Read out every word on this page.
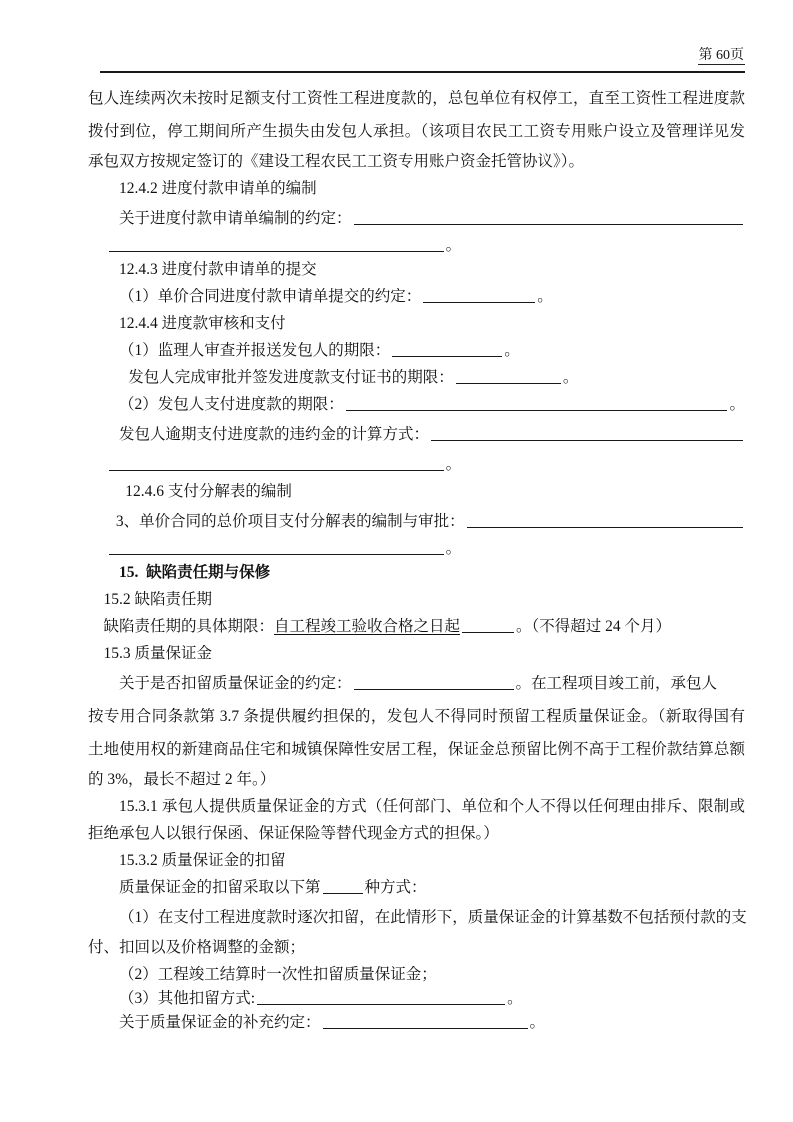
第 60页
包人连续两次未按时足额支付工资性工程进度款的，总包单位有权停工，直至工资性工程进度款
拨付到位，停工期间所产生损失由发包人承担。（该项目农民工工资专用账户设立及管理详见发
承包双方按规定签订的《建设工程农民工工资专用账户资金托管协议》）。
12.4.2 进度付款申请单的编制
关于进度付款申请单编制的约定：
。
12.4.3 进度付款申请单的提交
（1）单价合同进度付款申请单提交的约定：	。
12.4.4 进度款审核和支付
（1）监理人审查并报送发包人的期限：	。
发包人完成审批并签发进度款支付证书的期限：	。
（2）发包人支付进度款的期限：	。
发包人逾期支付进度款的违约金的计算方式：
。
12.4.6 支付分解表的编制
3、单价合同的总价项目支付分解表的编制与审批：
。
15. 缺陷责任期与保修
15.2 缺陷责任期
缺陷责任期的具体期限：自工程竣工验收合格之日起	。（不得超过 24 个月）
15.3 质量保证金
关于是否扣留质量保证金的约定：	。在工程项目竣工前，承包人
按专用合同条款第 3.7 条提供履约担保的，发包人不得同时预留工程质量保证金。（新取得国有
土地使用权的新建商品住宅和城镇保障性安居工程，保证金总预留比例不高于工程价款结算总额
的 3%，最长不超过 2 年。）
15.3.1 承包人提供质量保证金的方式（任何部门、单位和个人不得以任何理由排斥、限制或
拒绝承包人以银行保函、保证保险等替代现金方式的担保。）
15.3.2 质量保证金的扣留
质量保证金的扣留采取以下第	种方式：
（1）在支付工程进度款时逐次扣留，在此情形下，质量保证金的计算基数不包括预付款的支
付、扣回以及价格调整的金额；
（2）工程竣工结算时一次性扣留质量保证金；
（3）其他扣留方式:	。
关于质量保证金的补充约定：	。
